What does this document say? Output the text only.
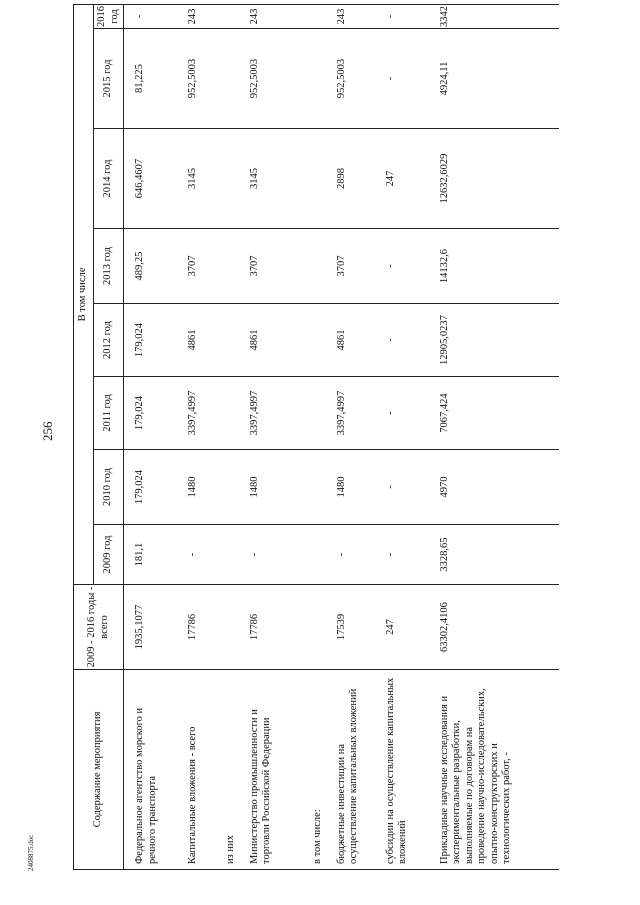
256
2408875.doc
Содержание мероприятия	2009 - 2016 годы - всего	В том числе							
		2009 год	2010 год	2011 год	2012 год	2013 год	2014 год	2015 год	2016 год
Федеральное агентство морского и речного транспорта	1935,1077	181,1	179,024	179,024	179,024	489,25	646,4607	81,225	-
Капитальные вложения - всего	17786	-	1480	3397,4997	4861	3707	3145	952,5003	243
из них									
Министерство промышленности и торговли Российской Федерации	17786	-	1480	3397,4997	4861	3707	3145	952,5003	243
в том числе:									
бюджетные инвестиции на осуществление капитальных вложений	17539	-	1480	3397,4997	4861	3707	2898	952,5003	243
субсидии на осуществление капитальных вложений	247	-	-	-	-	-	247	-	-
Прикладные научные исследования и экспериментальные разработки, выполняемые по договорам на проведение научно-исследовательских, опытно-конструкторских и технологических работ, -	63302,4106	3328,65	4970	7067,424	12905,0237	14132,6	12632,6029	4924,11	3342
